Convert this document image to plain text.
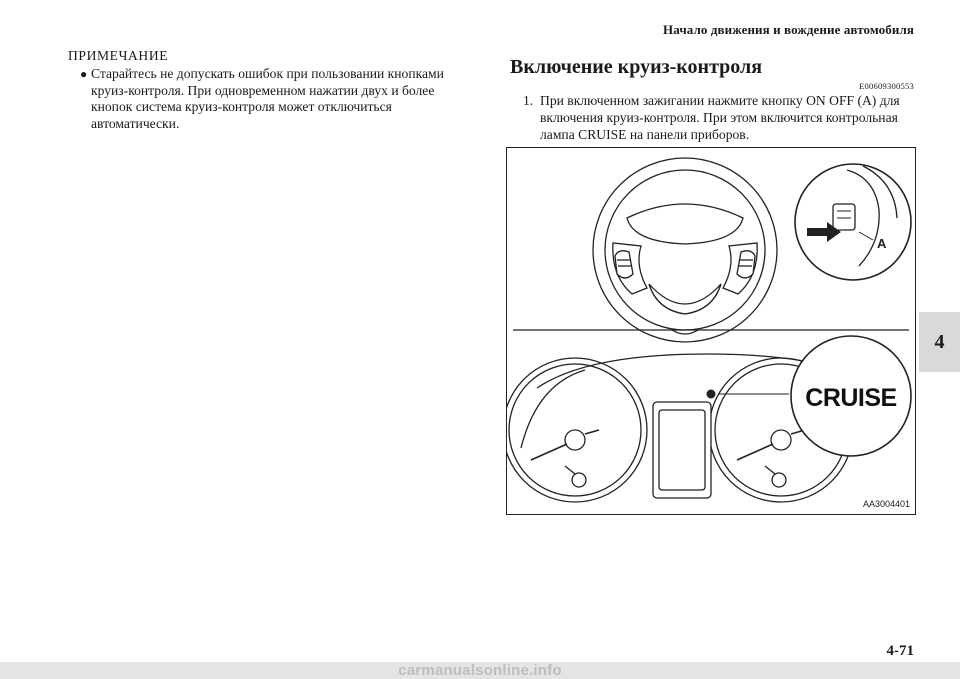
Начало движения и вождение автомобиля
4
ПРИМЕЧАНИЕ
● Старайтесь не допускать ошибок при пользовании кнопками
круиз-контроля. При одновременном нажатии двух и более
кнопок система круиз-контроля может отключиться
автоматически.
Включение круиз-контроля
E00609300553
1. При включенном зажигании нажмите кнопку ON OFF (A) для
включения круиз-контроля. При этом включится контрольная
лампа CRUISE на панели приборов.
A
CRUISE
AA3004401
4-71
carmanualsonline.info
